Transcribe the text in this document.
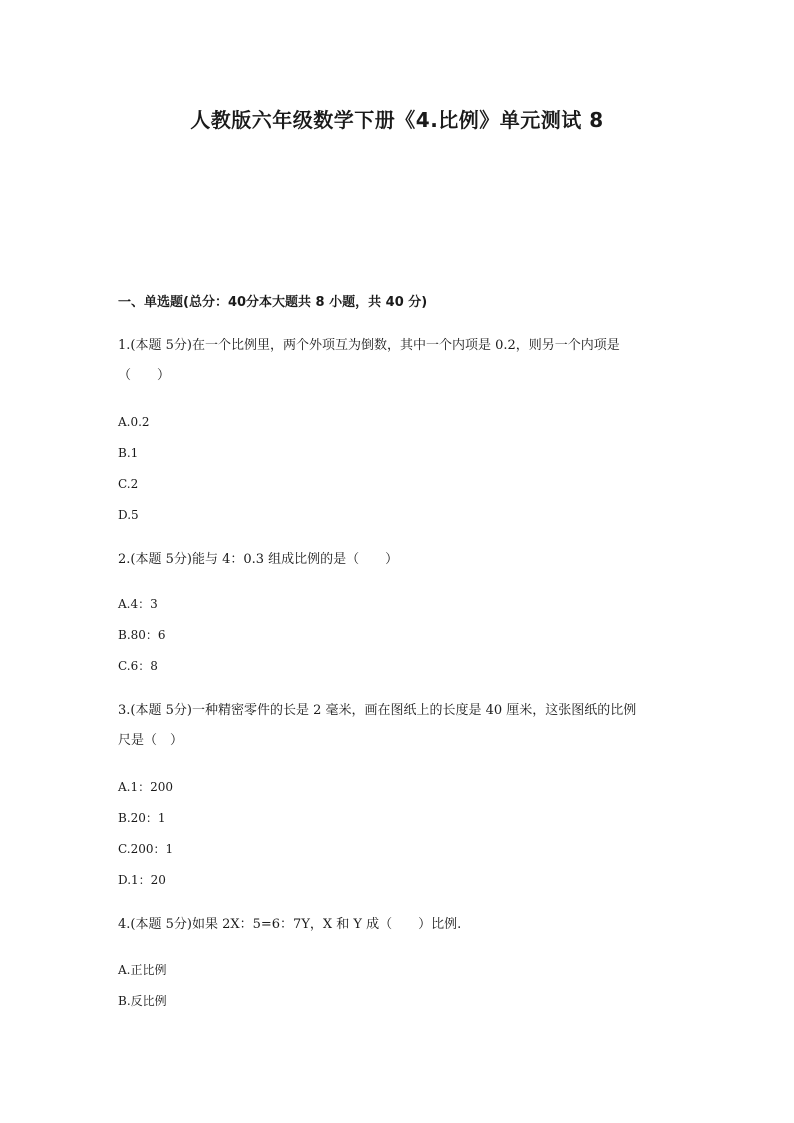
人教版六年级数学下册《4.比例》单元测试 8
一、单选题(总分：40分本大题共 8 小题，共 40 分)
1.(本题 5分)在一个比例里，两个外项互为倒数，其中一个内项是 0.2，则另一个内项是
（　　）
A.0.2
B.1
C.2
D.5
2.(本题 5分)能与 4：0.3 组成比例的是（　　）
A.4：3
B.80：6
C.6：8
3.(本题 5分)一种精密零件的长是 2 毫米，画在图纸上的长度是 40 厘米，这张图纸的比例
尺是（　）
A.1：200
B.20：1
C.200：1
D.1：20
4.(本题 5分)如果 2X：5=6：7Y，X 和 Y 成（　　）比例.
A.正比例
B.反比例
